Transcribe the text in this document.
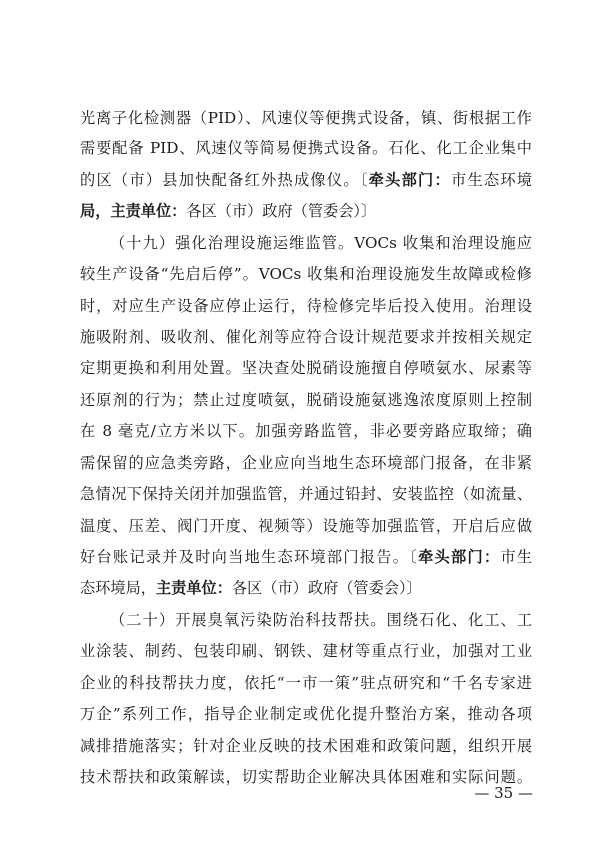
光离子化检测器（PID）、风速仪等便携式设备，镇、街根据工作
需要配备 PID、风速仪等简易便携式设备。石化、化工企业集中
的区（市）县加快配备红外热成像仪。〔牵头部门：市生态环境
局，主责单位：各区（市）政府（管委会）〕
（十九）强化治理设施运维监管。VOCs 收集和治理设施应
较生产设备“先启后停”。VOCs 收集和治理设施发生故障或检修
时，对应生产设备应停止运行，待检修完毕后投入使用。治理设
施吸附剂、吸收剂、催化剂等应符合设计规范要求并按相关规定
定期更换和利用处置。坚决查处脱硝设施擅自停喷氨水、尿素等
还原剂的行为；禁止过度喷氨，脱硝设施氨逃逸浓度原则上控制
在 8 毫克/立方米以下。加强旁路监管，非必要旁路应取缔；确
需保留的应急类旁路，企业应向当地生态环境部门报备，在非紧
急情况下保持关闭并加强监管，并通过铅封、安装监控（如流量、
温度、压差、阀门开度、视频等）设施等加强监管，开启后应做
好台账记录并及时向当地生态环境部门报告。〔牵头部门：市生
态环境局，主责单位：各区（市）政府（管委会）〕
（二十）开展臭氧污染防治科技帮扶。围绕石化、化工、工
业涂装、制药、包装印刷、钢铁、建材等重点行业，加强对工业
企业的科技帮扶力度，依托“一市一策”驻点研究和“千名专家进
万企”系列工作，指导企业制定或优化提升整治方案，推动各项
减排措施落实；针对企业反映的技术困难和政策问题，组织开展
技术帮扶和政策解读，切实帮助企业解决具体困难和实际问题。
— 35 —
